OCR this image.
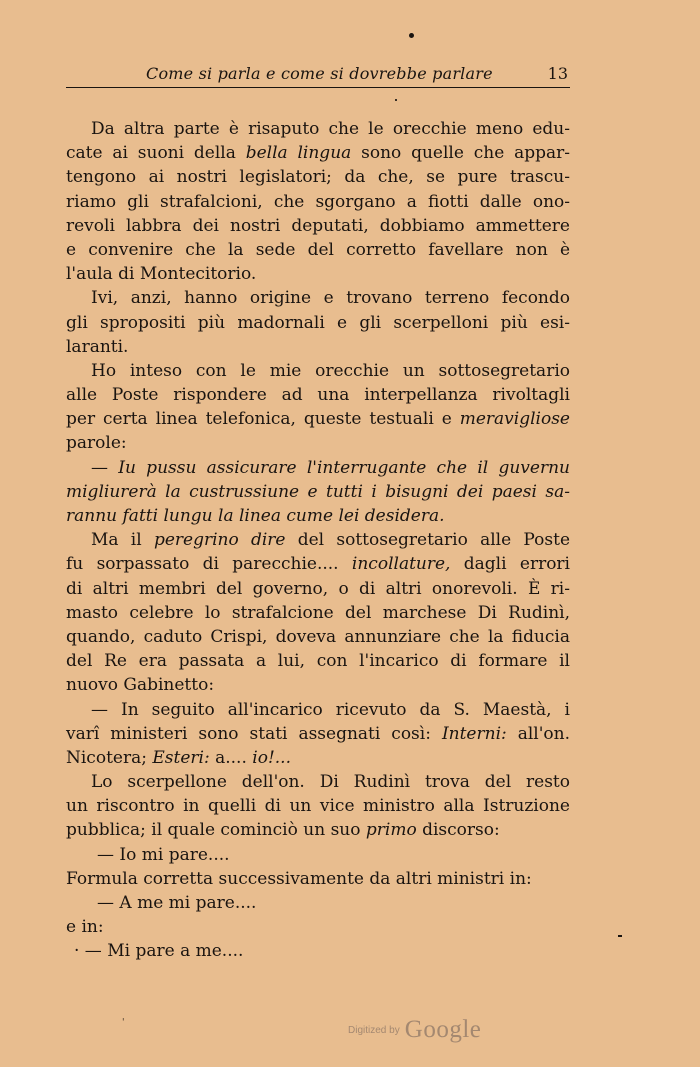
Come si parla e come si dovrebbe parlare	13
Da altra parte è risaputo che le orecchie meno edu-
cate ai suoni della bella lingua sono quelle che appar-
tengono ai nostri legislatori; da che, se pure trascu-
riamo gli strafalcioni, che sgorgano a fiotti dalle ono-
revoli labbra dei nostri deputati, dobbiamo ammettere
e convenire che la sede del corretto favellare non è
l'aula di Montecitorio.
Ivi, anzi, hanno origine e trovano terreno fecondo
gli spropositi più madornali e gli scerpelloni più esi-
laranti.
Ho inteso con le mie orecchie un sottosegretario
alle Poste rispondere ad una interpellanza rivoltagli
per certa linea telefonica, queste testuali e meravigliose
parole:
— Iu pussu assicurare l'interrugante che il guvernu
migliurerà la custrussiune e tutti i bisugni dei paesi sa-
rannu fatti lungu la linea cume lei desidera.
Ma il peregrino dire del sottosegretario alle Poste
fu sorpassato di parecchie.... incollature, dagli errori
di altri membri del governo, o di altri onorevoli. È ri-
masto celebre lo strafalcione del marchese Di Rudinì,
quando, caduto Crispi, doveva annunziare che la fiducia
del Re era passata a lui, con l'incarico di formare il
nuovo Gabinetto:
— In seguito all'incarico ricevuto da S. Maestà, i
varî ministeri sono stati assegnati così: Interni: all'on.
Nicotera; Esteri: a.... io!...
Lo scerpellone dell'on. Di Rudinì trova del resto
un riscontro in quelli di un vice ministro alla Istruzione
pubblica; il quale cominciò un suo primo discorso:
— Io mi pare....
Formula corretta successivamente da altri ministri in:
— A me mi pare....
e in:
· — Mi pare a me....
'
$^{Digitized by}$ Google
